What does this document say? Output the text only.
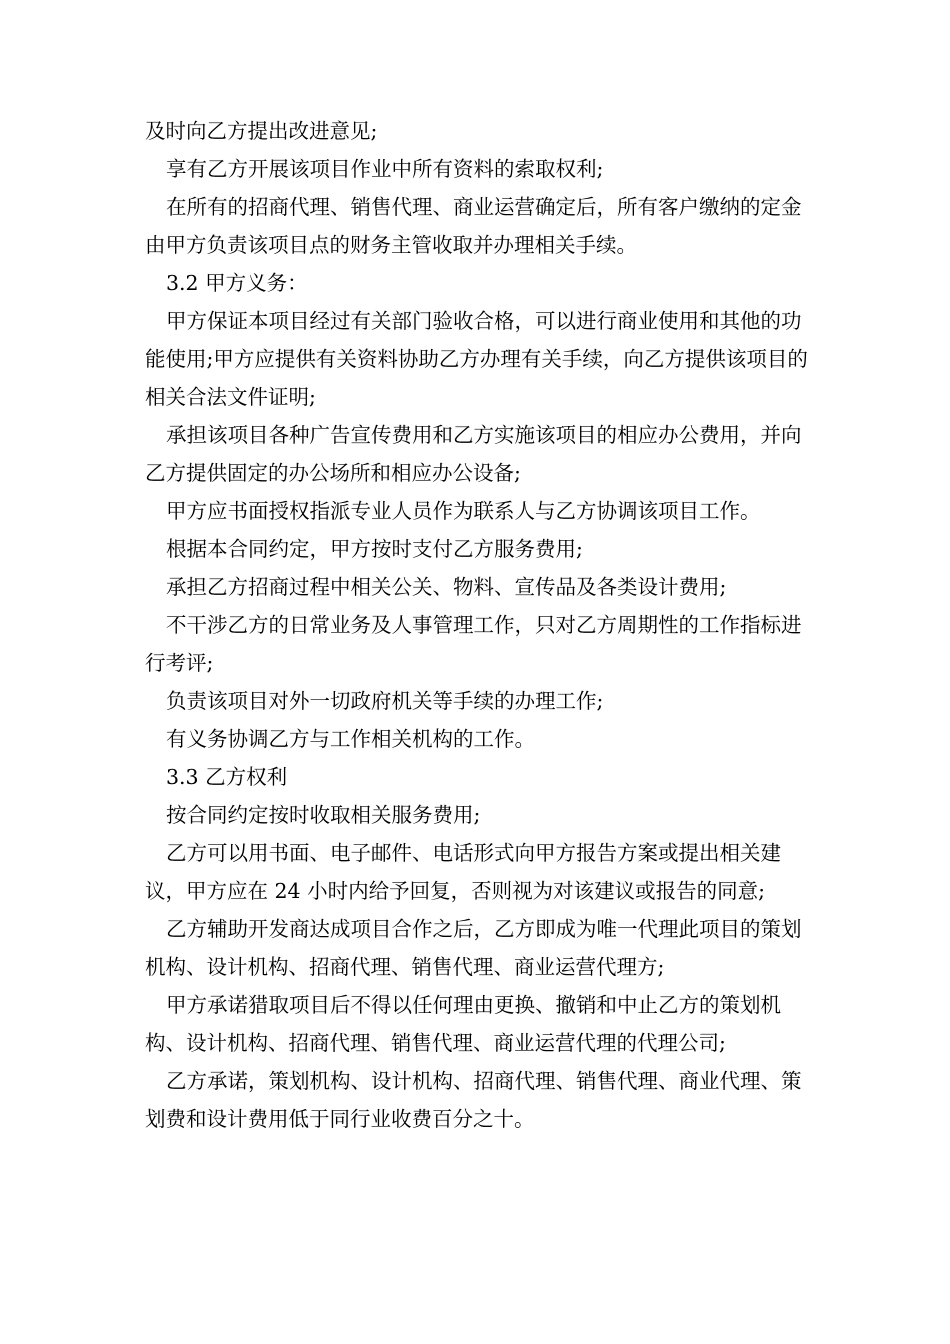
及时向乙方提出改进意见;

享有乙方开展该项目作业中所有资料的索取权利;

在所有的招商代理、销售代理、商业运营确定后，所有客户缴纳的定金由甲方负责该项目点的财务主管收取并办理相关手续。

3.2 甲方义务：

甲方保证本项目经过有关部门验收合格，可以进行商业使用和其他的功能使用;甲方应提供有关资料协助乙方办理有关手续，向乙方提供该项目的相关合法文件证明;

承担该项目各种广告宣传费用和乙方实施该项目的相应办公费用，并向乙方提供固定的办公场所和相应办公设备;

甲方应书面授权指派专业人员作为联系人与乙方协调该项目工作。

根据本合同约定，甲方按时支付乙方服务费用;

承担乙方招商过程中相关公关、物料、宣传品及各类设计费用;

不干涉乙方的日常业务及人事管理工作，只对乙方周期性的工作指标进行考评;

负责该项目对外一切政府机关等手续的办理工作;

有义务协调乙方与工作相关机构的工作。

3.3 乙方权利

按合同约定按时收取相关服务费用;

乙方可以用书面、电子邮件、电话形式向甲方报告方案或提出相关建议，甲方应在 24 小时内给予回复，否则视为对该建议或报告的同意;

乙方辅助开发商达成项目合作之后，乙方即成为唯一代理此项目的策划机构、设计机构、招商代理、销售代理、商业运营代理方;

甲方承诺猎取项目后不得以任何理由更换、撤销和中止乙方的策划机构、设计机构、招商代理、销售代理、商业运营代理的代理公司;

乙方承诺，策划机构、设计机构、招商代理、销售代理、商业代理、策划费和设计费用低于同行业收费百分之十。
